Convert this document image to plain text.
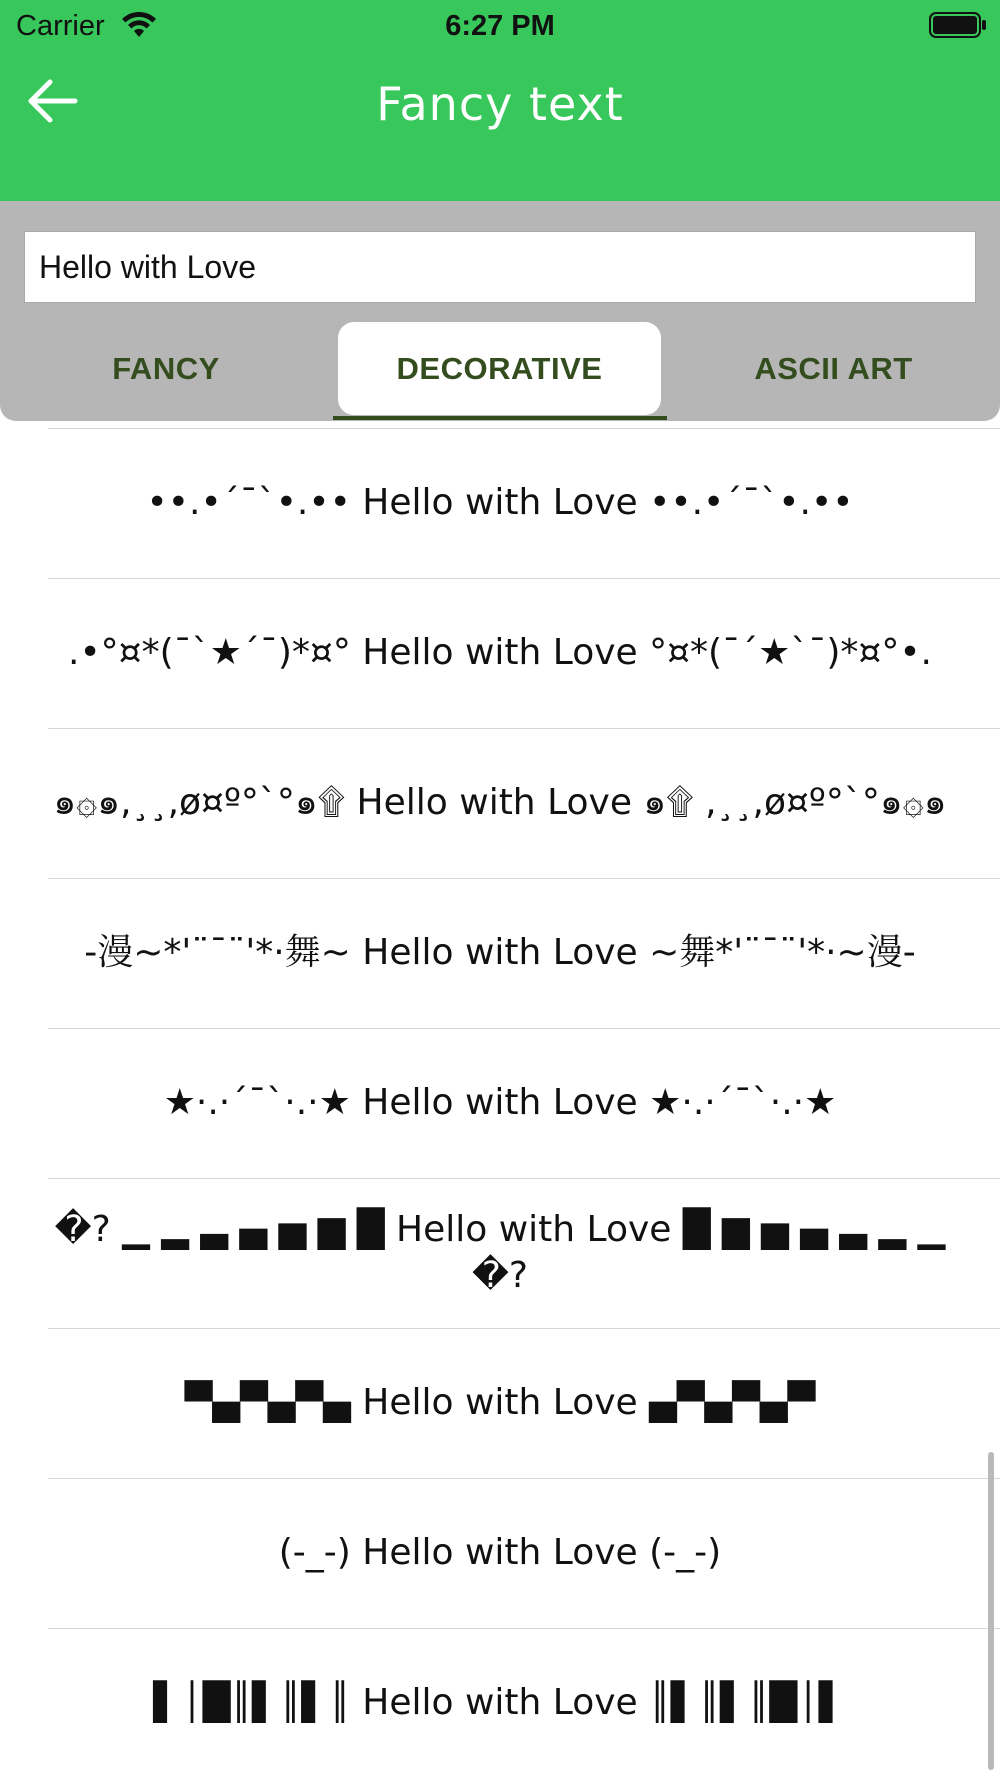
Carrier	6:27 PM
Fancy text
Hello with Love
FANCY	DECORATIVE	ASCII ART
••.•´¯`•.•• Hello with Love ••.•´¯`•.••
.•°¤*(¯`★´¯)*¤° Hello with Love °¤*(¯´★`¯)*¤°•.
๑۞๑,¸¸,ø¤º°`°๑۩ Hello with Love ๑۩ ,¸¸,ø¤º°`°๑۞๑
-漫~*'¨¯¨'*·舞~ Hello with Love ~舞*'¨¯¨'*·~漫-
★·.·´¯`·.·★ Hello with Love ★·.·´¯`·.·★
�? ▁ ▂ ▃ ▄ ▅ ▆ █ Hello with Love █ ▆ ▅ ▄ ▃ ▂ ▁ �?
▀▄▀▄▀▄ Hello with Love ▄▀▄▀▄▀
(-_-) Hello with Love (-_-)
▌│█║▌║▌║ Hello with Love ║▌║▌║█│▌
